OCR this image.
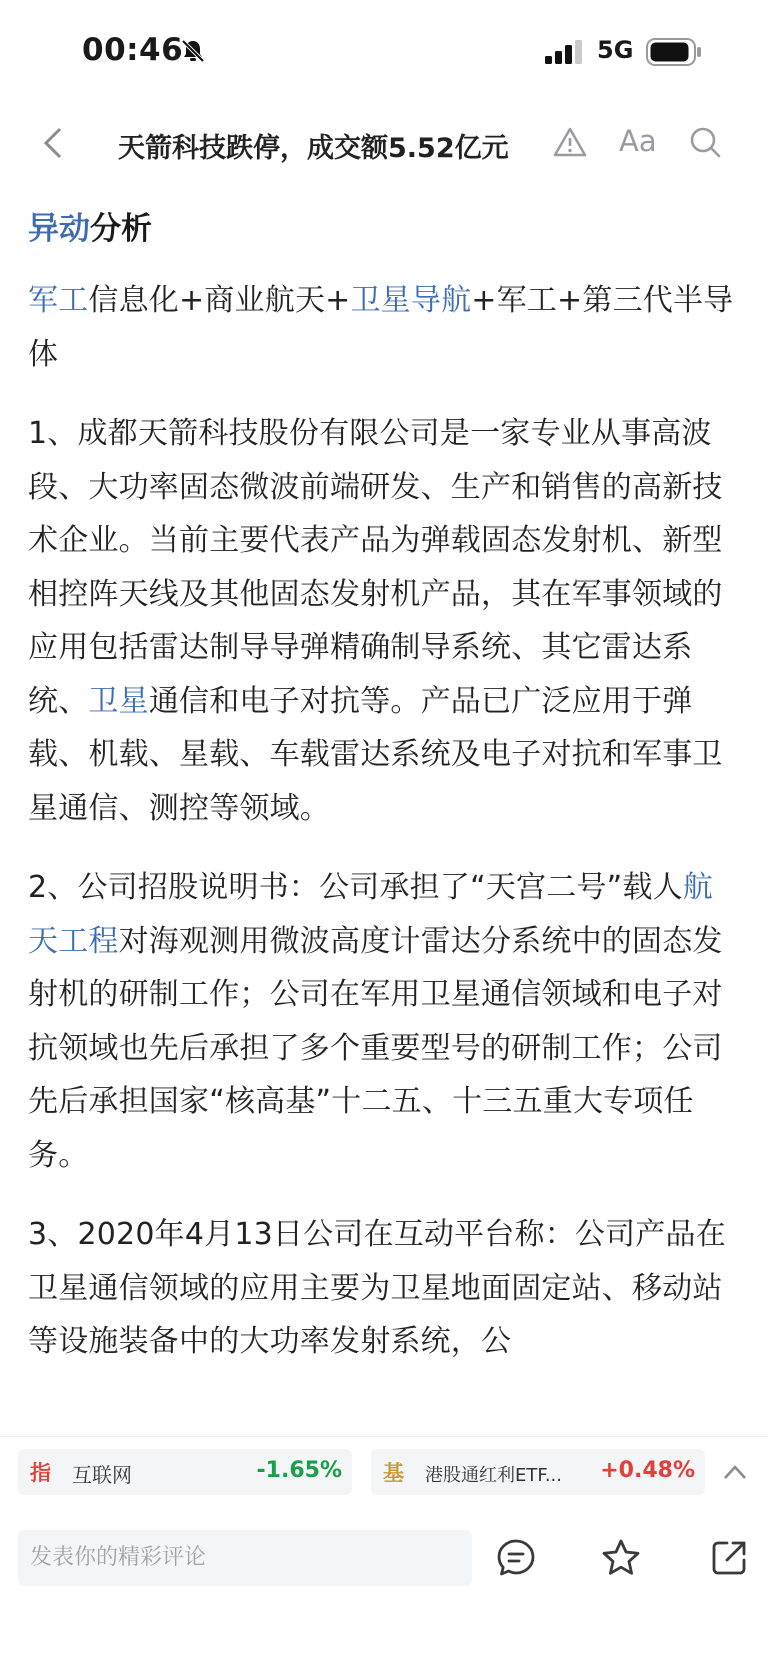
00:46	5G
天箭科技跌停，成交额5.52亿元	Aa

异动分析

军工信息化+商业航天+卫星导航+军工+第三代半导体

1、成都天箭科技股份有限公司是一家专业从事高波段、大功率固态微波前端研发、生产和销售的高新技术企业。当前主要代表产品为弹载固态发射机、新型相控阵天线及其他固态发射机产品，其在军事领域的应用包括雷达制导导弹精确制导系统、其它雷达系统、卫星通信和电子对抗等。产品已广泛应用于弹载、机载、星载、车载雷达系统及电子对抗和军事卫星通信、测控等领域。

2、公司招股说明书：公司承担了“天宫二号”载人航天工程对海观测用微波高度计雷达分系统中的固态发射机的研制工作；公司在军用卫星通信领域和电子对抗领域也先后承担了多个重要型号的研制工作；公司先后承担国家“核高基”十二五、十三五重大专项任务。

3、2020年4月13日公司在互动平台称：公司产品在卫星通信领域的应用主要为卫星地面固定站、移动站等设施装备中的大功率发射系统，公

指 互联网	-1.65% 基 港股通红利ETF... +0.48%
发表你的精彩评论
